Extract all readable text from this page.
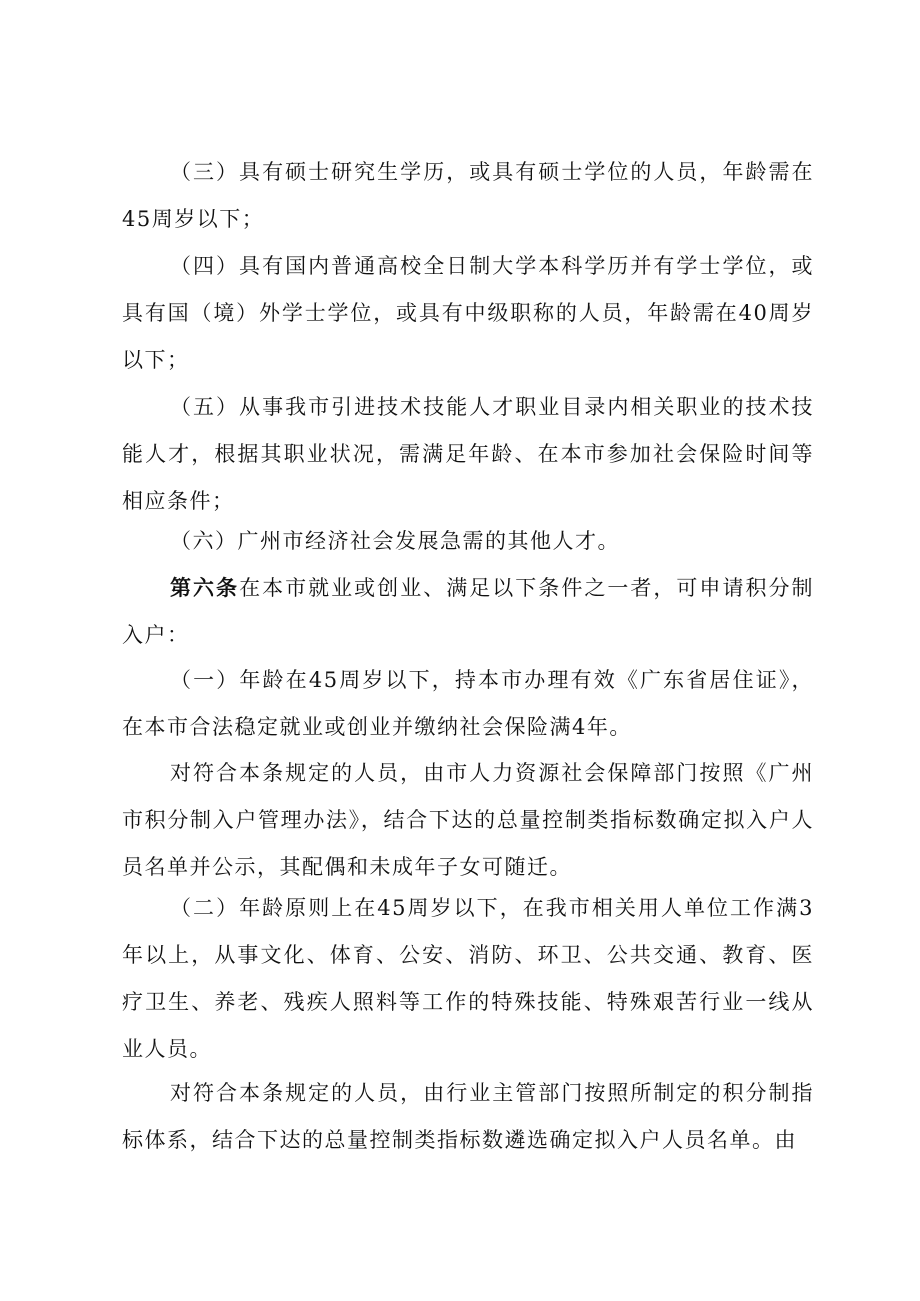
（三）具有硕士研究生学历，或具有硕士学位的人员，年龄需在45周岁以下；

（四）具有国内普通高校全日制大学本科学历并有学士学位，或具有国（境）外学士学位，或具有中级职称的人员，年龄需在40周岁以下；

（五）从事我市引进技术技能人才职业目录内相关职业的技术技能人才，根据其职业状况，需满足年龄、在本市参加社会保险时间等相应条件；

（六）广州市经济社会发展急需的其他人才。

第六条在本市就业或创业、满足以下条件之一者，可申请积分制入户：

（一）年龄在45周岁以下，持本市办理有效《广东省居住证》，在本市合法稳定就业或创业并缴纳社会保险满4年。

对符合本条规定的人员，由市人力资源社会保障部门按照《广州市积分制入户管理办法》，结合下达的总量控制类指标数确定拟入户人员名单并公示，其配偶和未成年子女可随迁。

（二）年龄原则上在45周岁以下，在我市相关用人单位工作满3年以上，从事文化、体育、公安、消防、环卫、公共交通、教育、医疗卫生、养老、残疾人照料等工作的特殊技能、特殊艰苦行业一线从业人员。

对符合本条规定的人员，由行业主管部门按照所制定的积分制指标体系，结合下达的总量控制类指标数遴选确定拟入户人员名单。由
